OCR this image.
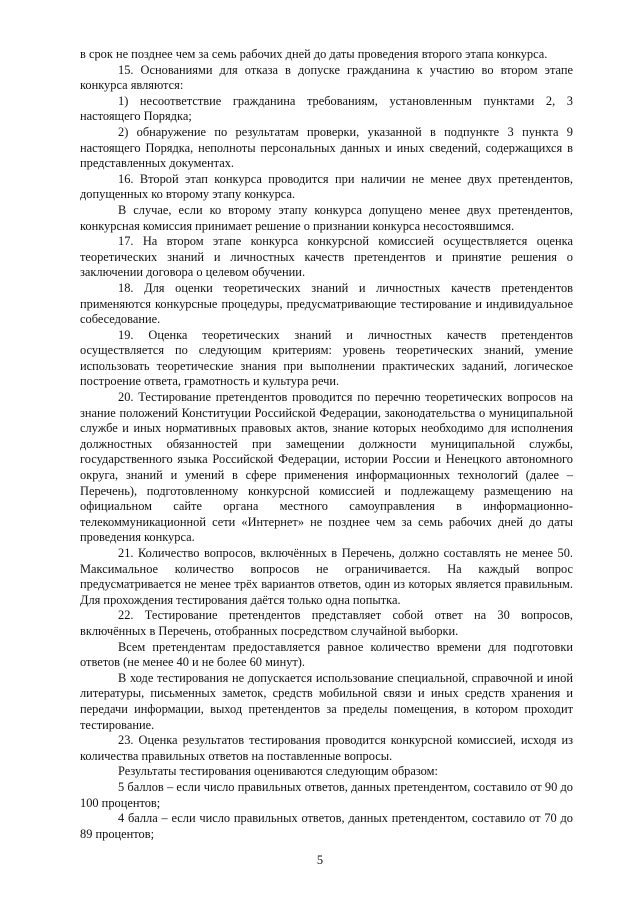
в срок не позднее чем за семь рабочих дней до даты проведения второго этапа конкурса.

15. Основаниями для отказа в допуске гражданина к участию во втором этапе конкурса являются:

1) несоответствие гражданина требованиям, установленным пунктами 2, 3 настоящего Порядка;

2) обнаружение по результатам проверки, указанной в подпункте 3 пункта 9 настоящего Порядка, неполноты персональных данных и иных сведений, содержащихся в представленных документах.

16. Второй этап конкурса проводится при наличии не менее двух претендентов, допущенных ко второму этапу конкурса.

В случае, если ко второму этапу конкурса допущено менее двух претендентов, конкурсная комиссия принимает решение о признании конкурса несостоявшимся.

17. На втором этапе конкурса конкурсной комиссией осуществляется оценка теоретических знаний и личностных качеств претендентов и принятие решения о заключении договора о целевом обучении.

18. Для оценки теоретических знаний и личностных качеств претендентов применяются конкурсные процедуры, предусматривающие тестирование и индивидуальное собеседование.

19. Оценка теоретических знаний и личностных качеств претендентов осуществляется по следующим критериям: уровень теоретических знаний, умение использовать теоретические знания при выполнении практических заданий, логическое построение ответа, грамотность и культура речи.

20. Тестирование претендентов проводится по перечню теоретических вопросов на знание положений Конституции Российской Федерации, законодательства о муниципальной службе и иных нормативных правовых актов, знание которых необходимо для исполнения должностных обязанностей при замещении должности муниципальной службы, государственного языка Российской Федерации, истории России и Ненецкого автономного округа, знаний и умений в сфере применения информационных технологий (далее – Перечень), подготовленному конкурсной комиссией и подлежащему размещению на официальном сайте органа местного самоуправления в информационно-телекоммуникационной сети «Интернет» не позднее чем за семь рабочих дней до даты проведения конкурса.

21. Количество вопросов, включённых в Перечень, должно составлять не менее 50. Максимальное количество вопросов не ограничивается. На каждый вопрос предусматривается не менее трёх вариантов ответов, один из которых является правильным. Для прохождения тестирования даётся только одна попытка.

22. Тестирование претендентов представляет собой ответ на 30 вопросов, включённых в Перечень, отобранных посредством случайной выборки.

Всем претендентам предоставляется равное количество времени для подготовки ответов (не менее 40 и не более 60 минут).

В ходе тестирования не допускается использование специальной, справочной и иной литературы, письменных заметок, средств мобильной связи и иных средств хранения и передачи информации, выход претендентов за пределы помещения, в котором проходит тестирование.

23. Оценка результатов тестирования проводится конкурсной комиссией, исходя из количества правильных ответов на поставленные вопросы.

Результаты тестирования оцениваются следующим образом:

5 баллов – если число правильных ответов, данных претендентом, составило от 90 до 100 процентов;

4 балла – если число правильных ответов, данных претендентом, составило от 70 до 89 процентов;

5
